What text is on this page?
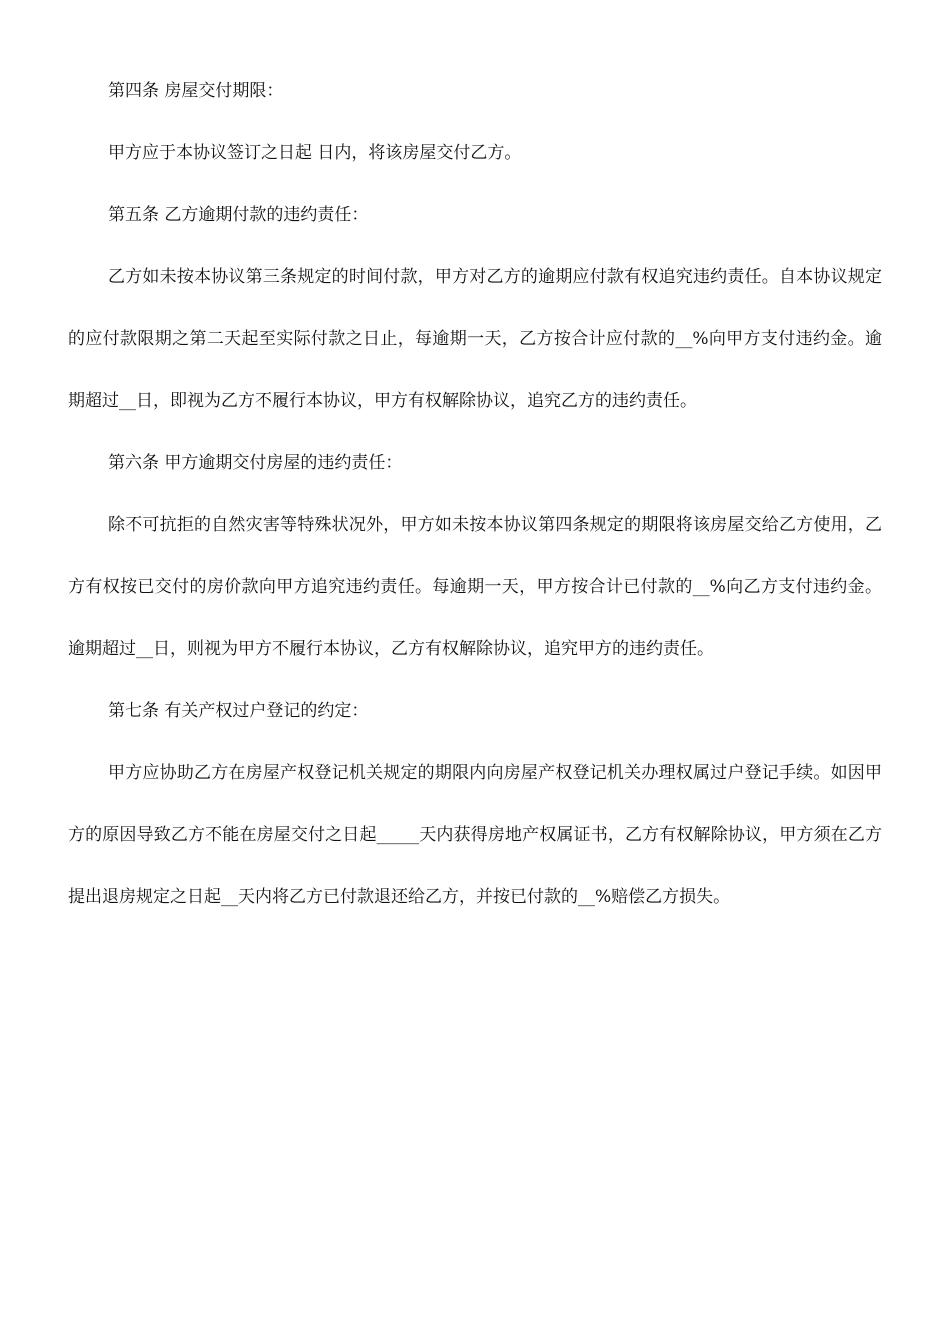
第四条 房屋交付期限：

甲方应于本协议签订之日起 日内，将该房屋交付乙方。

第五条 乙方逾期付款的违约责任：

乙方如未按本协议第三条规定的时间付款，甲方对乙方的逾期应付款有权追究违约责任。自本协议规定的应付款限期之第二天起至实际付款之日止，每逾期一天，乙方按合计应付款的__%向甲方支付违约金。逾期超过__日，即视为乙方不履行本协议，甲方有权解除协议，追究乙方的违约责任。

第六条 甲方逾期交付房屋的违约责任：

除不可抗拒的自然灾害等特殊状况外，甲方如未按本协议第四条规定的期限将该房屋交给乙方使用，乙方有权按已交付的房价款向甲方追究违约责任。每逾期一天，甲方按合计已付款的__%向乙方支付违约金。逾期超过__日，则视为甲方不履行本协议，乙方有权解除协议，追究甲方的违约责任。

第七条 有关产权过户登记的约定：

甲方应协助乙方在房屋产权登记机关规定的期限内向房屋产权登记机关办理权属过户登记手续。如因甲方的原因导致乙方不能在房屋交付之日起_____天内获得房地产权属证书，乙方有权解除协议，甲方须在乙方提出退房规定之日起__天内将乙方已付款退还给乙方，并按已付款的__%赔偿乙方损失。
